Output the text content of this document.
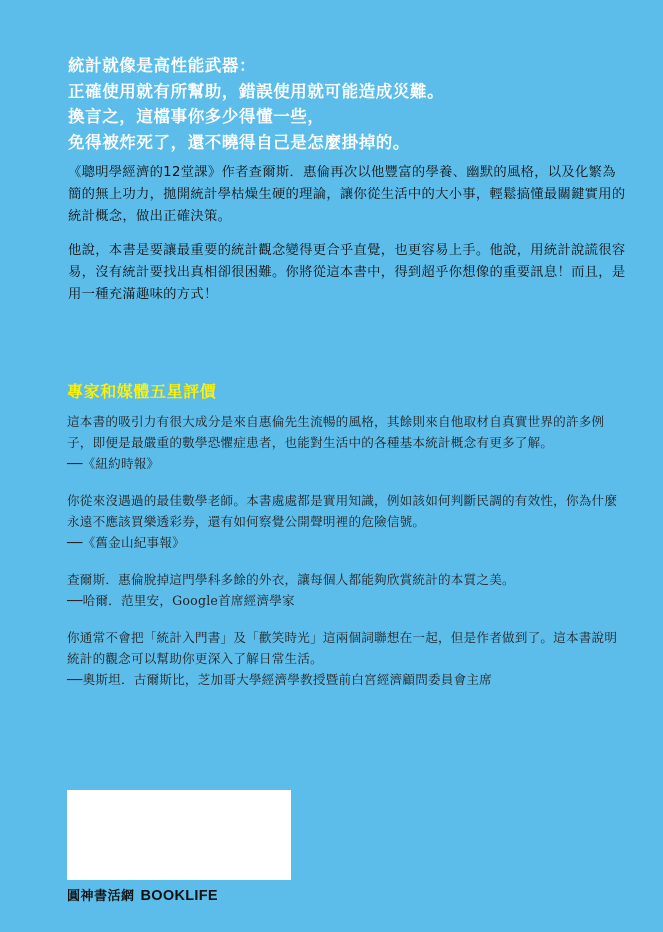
統計就像是高性能武器：
正確使用就有所幫助，錯誤使用就可能造成災難。
換言之，這檔事你多少得懂一些，
免得被炸死了，還不曉得自己是怎麼掛掉的。

《聰明學經濟的12堂課》作者查爾斯．惠倫再次以他豐富的學養、幽默的風格，以及化繁為簡的無上功力，拋開統計學枯燥生硬的理論，讓你從生活中的大小事，輕鬆搞懂最關鍵實用的統計概念，做出正確決策。

他說，本書是要讓最重要的統計觀念變得更合乎直覺，也更容易上手。他說，用統計說謊很容易，沒有統計要找出真相卻很困難。你將從這本書中，得到超乎你想像的重要訊息！而且，是用一種充滿趣味的方式！

專家和媒體五星評價
這本書的吸引力有很大成分是來自惠倫先生流暢的風格，其餘則來自他取材自真實世界的許多例子，即便是最嚴重的數學恐懼症患者，也能對生活中的各種基本統計概念有更多了解。
──《紐約時報》
你從來沒遇過的最佳數學老師。本書處處都是實用知識，例如該如何判斷民調的有效性，你為什麼永遠不應該買樂透彩券，還有如何察覺公開聲明裡的危險信號。
──《舊金山紀事報》
查爾斯．惠倫脫掉這門學科多餘的外衣，讓每個人都能夠欣賞統計的本質之美。
──哈爾．范里安，Google首席經濟學家
你通常不會把「統計入門書」及「歡笑時光」這兩個詞聯想在一起，但是作者做到了。這本書說明統計的觀念可以幫助你更深入了解日常生活。
──奧斯坦．古爾斯比，芝加哥大學經濟學教授暨前白宮經濟顧問委員會主席
圓神書活網 BOOKLIFE
